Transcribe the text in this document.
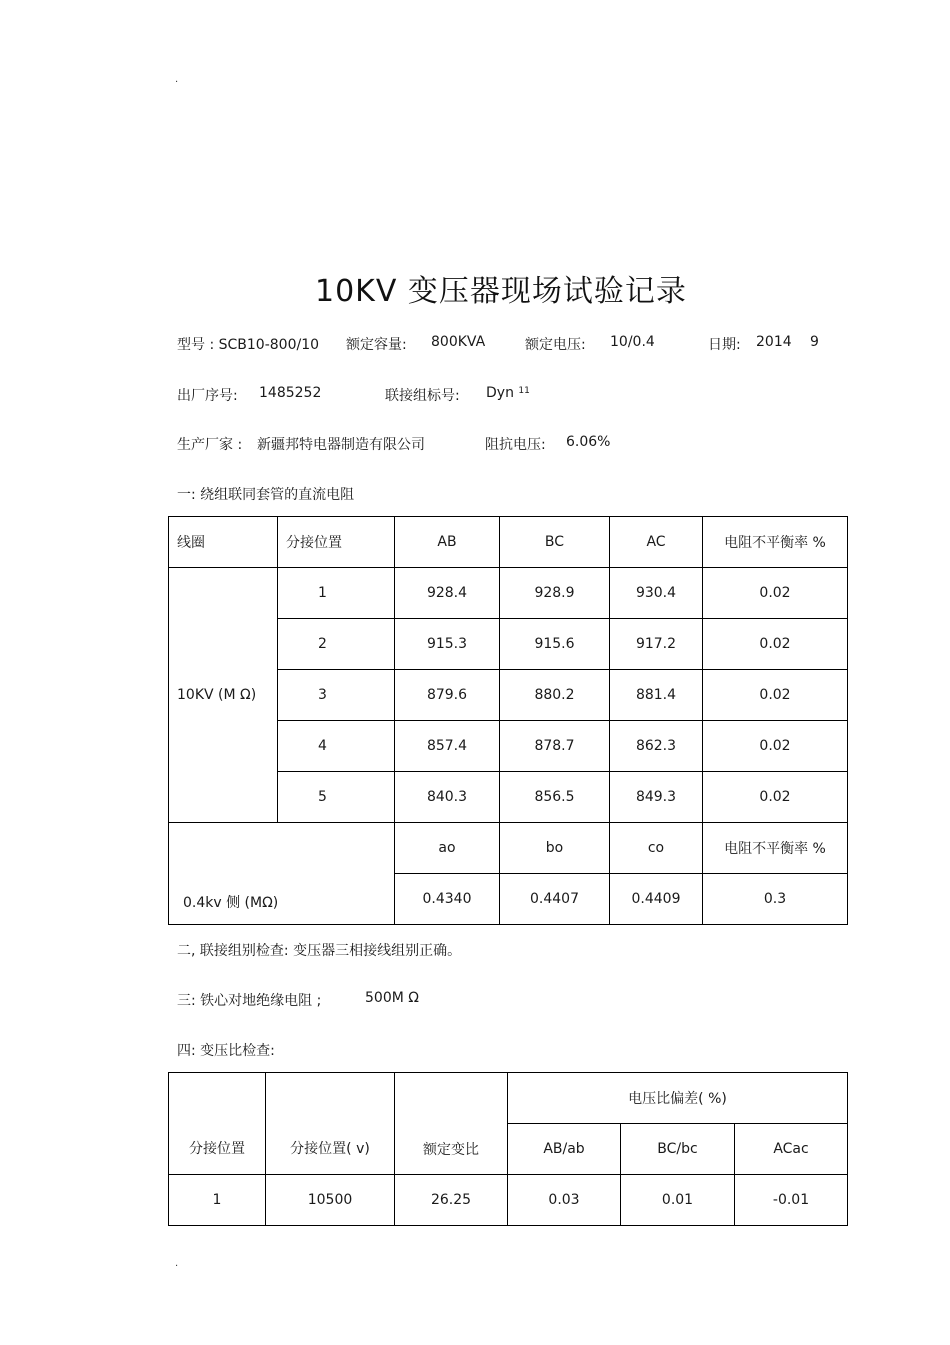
.
10KV 变压器现场试验记录
型号 : SCB10-800/10 额定容量: 800KVA	额定电压: 10/0.4	日期: 2014 9
出厂序号: 1485252	联接组标号: Dyn $^{11}$
生产厂家 : 新疆邦特电器制造有限公司	阻抗电压: 6.06%
一: 绕组联同套管的直流电阻
线圈	分接位置	AB	BC	AC	电阻不平衡率 %
10KV (M Ω)	1	928.4	928.9	930.4	0.02
	2	915.3	915.6	917.2	0.02
	3	879.6	880.2	881.4	0.02
	4	857.4	878.7	862.3	0.02
	5	840.3	856.5	849.3	0.02
0.4kv 侧 (MΩ)		ao	bo	co	电阻不平衡率 %
		0.4340	0.4407	0.4409	0.3
二, 联接组别检查: 变压器三相接线组别正确。
三: 铁心对地绝缘电阻 ;	500M Ω
四: 变压比检查:
分接位置	分接位置( v)	额定变比	电压比偏差( %)		
			AB/ab	BC/bc	ACac
1	10500	26.25	0.03	0.01	-0.01
.
